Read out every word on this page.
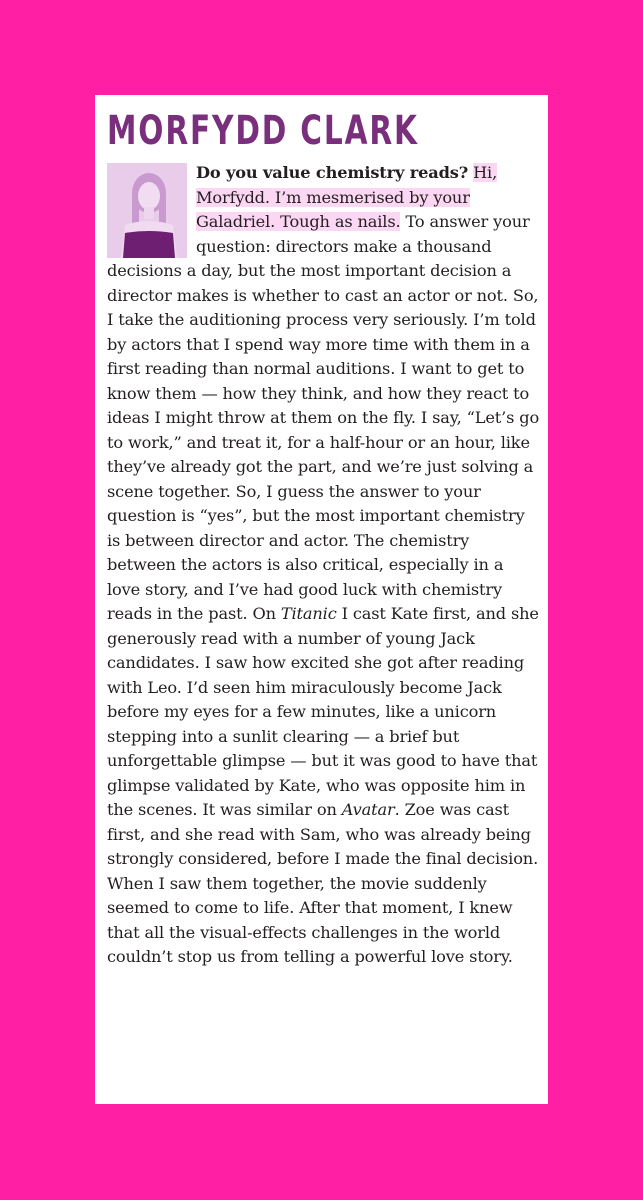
MORFYDD CLARK

Do you value chemistry reads? Hi, Morfydd. I’m mesmerised by your Galadriel. Tough as nails. To answer your question: directors make a thousand decisions a day, but the most important decision a director makes is whether to cast an actor or not. So, I take the auditioning process very seriously. I’m told by actors that I spend way more time with them in a first reading than normal auditions. I want to get to know them — how they think, and how they react to ideas I might throw at them on the fly. I say, “Let’s go to work,” and treat it, for a half-hour or an hour, like they’ve already got the part, and we’re just solving a scene together. So, I guess the answer to your question is “yes”, but the most important chemistry is between director and actor. The chemistry between the actors is also critical, especially in a love story, and I’ve had good luck with chemistry reads in the past. On Titanic I cast Kate first, and she generously read with a number of young Jack candidates. I saw how excited she got after reading with Leo. I’d seen him miraculously become Jack before my eyes for a few minutes, like a unicorn stepping into a sunlit clearing — a brief but unforgettable glimpse — but it was good to have that glimpse validated by Kate, who was opposite him in the scenes. It was similar on Avatar. Zoe was cast first, and she read with Sam, who was already being strongly considered, before I made the final decision. When I saw them together, the movie suddenly seemed to come to life. After that moment, I knew that all the visual-effects challenges in the world couldn’t stop us from telling a powerful love story.
